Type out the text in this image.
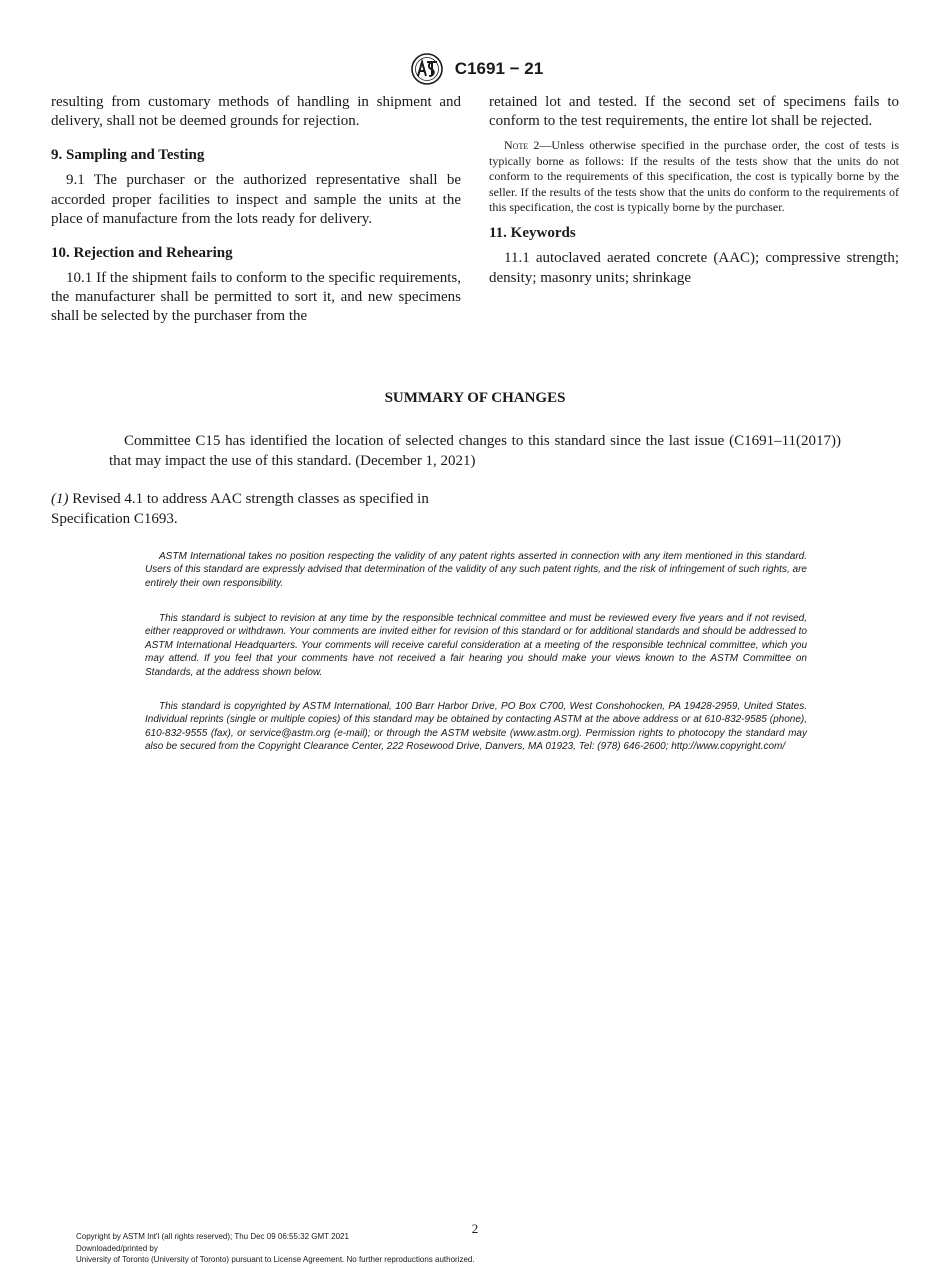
C1691 − 21

resulting from customary methods of handling in shipment and delivery, shall not be deemed grounds for rejection.

9. Sampling and Testing

9.1 The purchaser or the authorized representative shall be accorded proper facilities to inspect and sample the units at the place of manufacture from the lots ready for delivery.

10. Rejection and Rehearing

10.1 If the shipment fails to conform to the specific requirements, the manufacturer shall be permitted to sort it, and new specimens shall be selected by the purchaser from the

retained lot and tested. If the second set of specimens fails to conform to the test requirements, the entire lot shall be rejected.

Note 2—Unless otherwise specified in the purchase order, the cost of tests is typically borne as follows: If the results of the tests show that the units do not conform to the requirements of this specification, the cost is typically borne by the seller. If the results of the tests show that the units do conform to the requirements of this specification, the cost is typically borne by the purchaser.

11. Keywords

11.1 autoclaved aerated concrete (AAC); compressive strength; density; masonry units; shrinkage

SUMMARY OF CHANGES

Committee C15 has identified the location of selected changes to this standard since the last issue (C1691–11(2017)) that may impact the use of this standard. (December 1, 2021)

(1) Revised 4.1 to address AAC strength classes as specified in Specification C1693.

ASTM International takes no position respecting the validity of any patent rights asserted in connection with any item mentioned in this standard. Users of this standard are expressly advised that determination of the validity of any such patent rights, and the risk of infringement of such rights, are entirely their own responsibility.

This standard is subject to revision at any time by the responsible technical committee and must be reviewed every five years and if not revised, either reapproved or withdrawn. Your comments are invited either for revision of this standard or for additional standards and should be addressed to ASTM International Headquarters. Your comments will receive careful consideration at a meeting of the responsible technical committee, which you may attend. If you feel that your comments have not received a fair hearing you should make your views known to the ASTM Committee on Standards, at the address shown below.

This standard is copyrighted by ASTM International, 100 Barr Harbor Drive, PO Box C700, West Conshohocken, PA 19428-2959, United States. Individual reprints (single or multiple copies) of this standard may be obtained by contacting ASTM at the above address or at 610-832-9585 (phone), 610-832-9555 (fax), or service@astm.org (e-mail); or through the ASTM website (www.astm.org). Permission rights to photocopy the standard may also be secured from the Copyright Clearance Center, 222 Rosewood Drive, Danvers, MA 01923, Tel: (978) 646-2600; http://www.copyright.com/

2
Copyright by ASTM Int'l (all rights reserved); Thu Dec 09 06:55:32 GMT 2021
Downloaded/printed by
University of Toronto (University of Toronto) pursuant to License Agreement. No further reproductions authorized.
